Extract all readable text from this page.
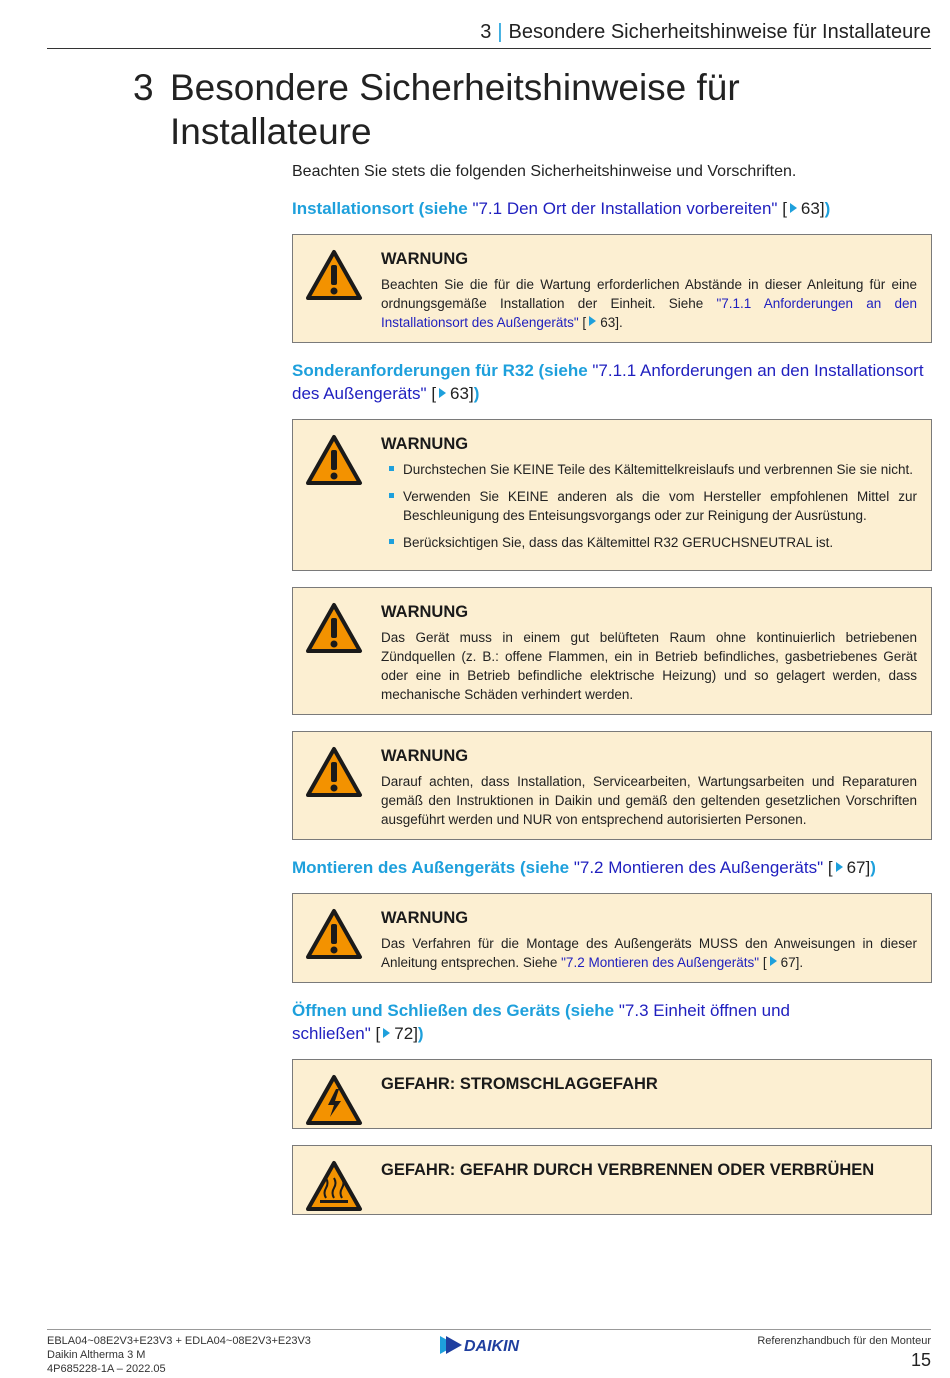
3 | Besondere Sicherheitshinweise für Installateure
3 Besondere Sicherheitshinweise für Installateure

Beachten Sie stets die folgenden Sicherheitshinweise und Vorschriften.

Installationsort (siehe "7.1 Den Ort der Installation vorbereiten" [ 63])
WARNUNG
Beachten Sie die für die Wartung erforderlichen Abstände in dieser Anleitung für eine ordnungsgemäße Installation der Einheit. Siehe "7.1.1 Anforderungen an den Installationsort des Außengeräts" [ 63].
Sonderanforderungen für R32 (siehe "7.1.1 Anforderungen an den Installationsort des Außengeräts" [ 63])
WARNUNG
Durchstechen Sie KEINE Teile des Kältemittelkreislaufs und verbrennen Sie sie nicht.
Verwenden Sie KEINE anderen als die vom Hersteller empfohlenen Mittel zur Beschleunigung des Enteisungsvorgangs oder zur Reinigung der Ausrüstung.
Berücksichtigen Sie, dass das Kältemittel R32 GERUCHSNEUTRAL ist.
WARNUNG
Das Gerät muss in einem gut belüfteten Raum ohne kontinuierlich betriebenen Zündquellen (z. B.: offene Flammen, ein in Betrieb befindliches, gasbetriebenes Gerät oder eine in Betrieb befindliche elektrische Heizung) und so gelagert werden, dass mechanische Schäden verhindert werden.
WARNUNG
Darauf achten, dass Installation, Servicearbeiten, Wartungsarbeiten und Reparaturen gemäß den Instruktionen in Daikin und gemäß den geltenden gesetzlichen Vorschriften ausgeführt werden und NUR von entsprechend autorisierten Personen.
Montieren des Außengeräts (siehe "7.2 Montieren des Außengeräts" [ 67])
WARNUNG
Das Verfahren für die Montage des Außengeräts MUSS den Anweisungen in dieser Anleitung entsprechen. Siehe "7.2 Montieren des Außengeräts" [ 67].
Öffnen und Schließen des Geräts (siehe "7.3 Einheit öffnen und schließen" [ 72])
GEFAHR: STROMSCHLAGGEFAHR
GEFAHR: GEFAHR DURCH VERBRENNEN ODER VERBRÜHEN
EBLA04~08E2V3+E23V3 + EDLA04~08E2V3+E23V3
Daikin Altherma 3 M
4P685228-1A – 2022.05
DAIKIN	Referenzhandbuch für den Monteur
15
